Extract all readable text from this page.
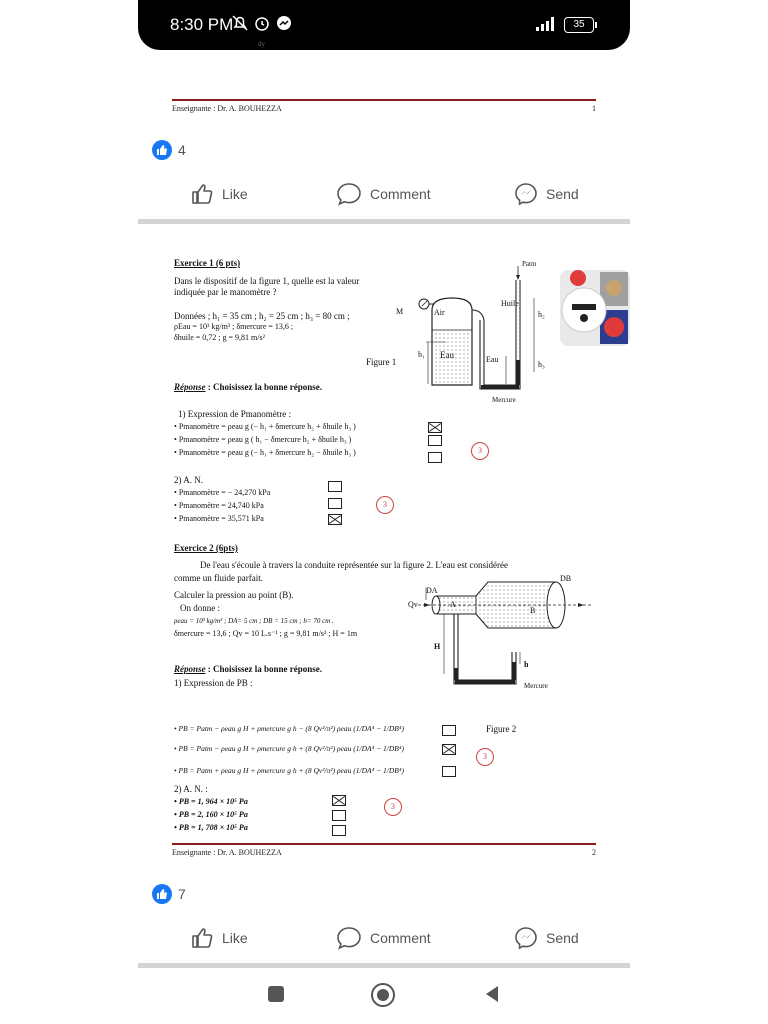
8:30 PM	35
dy
Enseignante : Dr. A. BOUHEZZA	1
4
Like	Comment	Send
Exercice 1 (6 pts)
Dans le dispositif de la figure 1, quelle est la valeur
indiquée par le manomètre ?
Données ; h₁ = 35 cm ; h₂ = 25 cm ; h₃ = 80 cm ;
ρEau = 10³ kg/m³ ; δmercure = 13,6 ;
δhuile = 0,72 ; g = 9,81 m/s²
Patm
Huile
Air
Eau	Eau
Mercure
M
h₁
h₂
h₃
Figure 1
Réponse : Choisissez la bonne réponse.
1) Expression de Pmanomètre :
• Pmanomètre = ρeau g (− h₁ + δmercure h₂ + δhuile h₃ )
• Pmanomètre = ρeau g ( h₁ − δmercure h₂ + δhuile h₃ )
• Pmanomètre = ρeau g (− h₁ + δmercure h₂ − δhuile h₃ )	3
2) A. N.
• Pmanomètre = − 24,270 kPa
• Pmanomètre = 24,740 kPa
• Pmanomètre = 35,571 kPa
3
Exercice 2 (6pts)
De l'eau s'écoule à travers la conduite représentée sur la figure 2. L'eau est considérée
comme un fluide parfait.
Calculer la pression au point (B).
On donne :
ρeau = 10³ kg/m³ ; DA= 5 cm ; DB = 15 cm ; h= 70 cm .
δmercure = 13,6 ; Qv = 10 L.s⁻¹ ; g = 9,81 m/s² ; H = 1m
DB
DA
Qv	A
B
H
h
Mercure
Réponse : Choisissez la bonne réponse.
1) Expression de PB :
• PB = Patm − ρeau g H + ρmercure g h − (8 Qv²/π²) ρeau (1/DA⁴ − 1/DB⁴)
• PB = Patm − ρeau g H + ρmercure g h + (8 Qv²/π²) ρeau (1/DA⁴ − 1/DB⁴)
• PB = Patm + ρeau g H + ρmercure g h + (8 Qv²/π²) ρeau (1/DA⁴ − 1/DB⁴)
Figure 2
3
2) A. N. :
• PB = 1, 964 × 10⁵ Pa
• PB = 2, 160 × 10⁵ Pa
• PB = 1, 708 × 10⁵ Pa
3
Enseignante : Dr. A. BOUHEZZA	2
7
Like	Comment	Send
